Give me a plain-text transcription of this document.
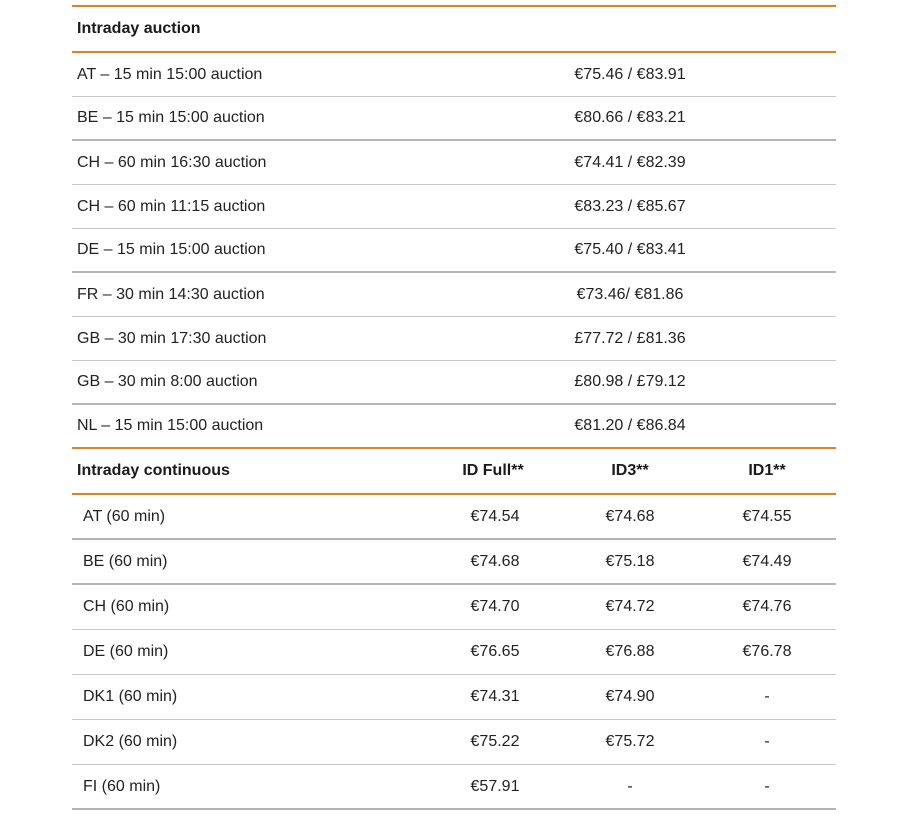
Intraday auction
AT – 15 min 15:00 auction	€75.46 / €83.91
BE – 15 min 15:00 auction	€80.66 / €83.21
CH – 60 min 16:30 auction	€74.41 / €82.39
CH – 60 min 11:15 auction	€83.23 / €85.67
DE – 15 min 15:00 auction	€75.40 / €83.41
FR – 30 min 14:30 auction	€73.46/ €81.86
GB – 30 min 17:30 auction	£77.72 / £81.36
GB – 30 min 8:00 auction	£80.98 / £79.12
NL – 15 min 15:00 auction	€81.20 / €86.84
Intraday continuous	ID Full**	ID3**	ID1**
AT (60 min)	€74.54	€74.68	€74.55
BE (60 min)	€74.68	€75.18	€74.49
CH (60 min)	€74.70	€74.72	€74.76
DE (60 min)	€76.65	€76.88	€76.78
DK1 (60 min)	€74.31	€74.90	-
DK2 (60 min)	€75.22	€75.72	-
FI (60 min)	€57.91	-	-
